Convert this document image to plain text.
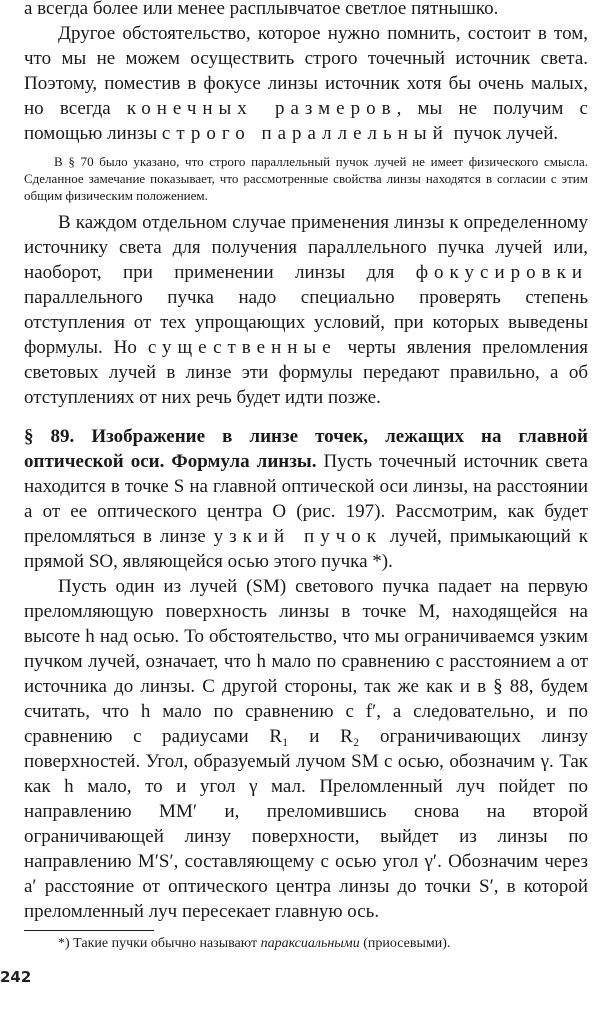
а всегда более или менее расплывчатое светлое пятнышко.

Другое обстоятельство, которое нужно помнить, состоит в том, что мы не можем осуществить строго точечный источник света. Поэтому, поместив в фокусе линзы источник хотя бы очень малых, но всегда конечных размеров, мы не получим с помощью линзы строго параллельный пучок лучей.

В § 70 было указано, что строго параллельный пучок лучей не имеет физического смысла. Сделанное замечание показывает, что рассмотренные свойства линзы находятся в согласии с этим общим физическим положением.

В каждом отдельном случае применения линзы к определенному источнику света для получения параллельного пучка лучей или, наоборот, при применении линзы для фокусировки параллельного пучка надо специально проверять степень отступления от тех упрощающих условий, при которых выведены формулы. Но существенные черты явления преломления световых лучей в линзе эти формулы передают правильно, а об отступлениях от них речь будет идти позже.

§ 89. Изображение в линзе точек, лежащих на главной оптической оси. Формула линзы. Пусть точечный источник света находится в точке S на главной оптической оси линзы, на расстоянии a от ее оптического центра O (рис. 197). Рассмотрим, как будет преломляться в линзе узкий пучок лучей, примыкающий к прямой SO, являющейся осью этого пучка *).

Пусть один из лучей (SM) светового пучка падает на первую преломляющую поверхность линзы в точке M, находящейся на высоте h над осью. То обстоятельство, что мы ограничиваемся узким пучком лучей, означает, что h мало по сравнению с расстоянием a от источника до линзы. С другой стороны, так же как и в § 88, будем считать, что h мало по сравнению с f′, а следовательно, и по сравнению с радиусами R₁ и R₂ ограничивающих линзу поверхностей. Угол, образуемый лучом SM с осью, обозначим γ. Так как h мало, то и угол γ мал. Преломленный луч пойдет по направлению MM′ и, преломившись снова на второй ограничивающей линзу поверхности, выйдет из линзы по направлению M′S′, составляющему с осью угол γ′. Обозначим через a′ расстояние от оптического центра линзы до точки S′, в которой преломленный луч пересекает главную ось.

*) Такие пучки обычно называют параксиальными (приосевыми).
242
